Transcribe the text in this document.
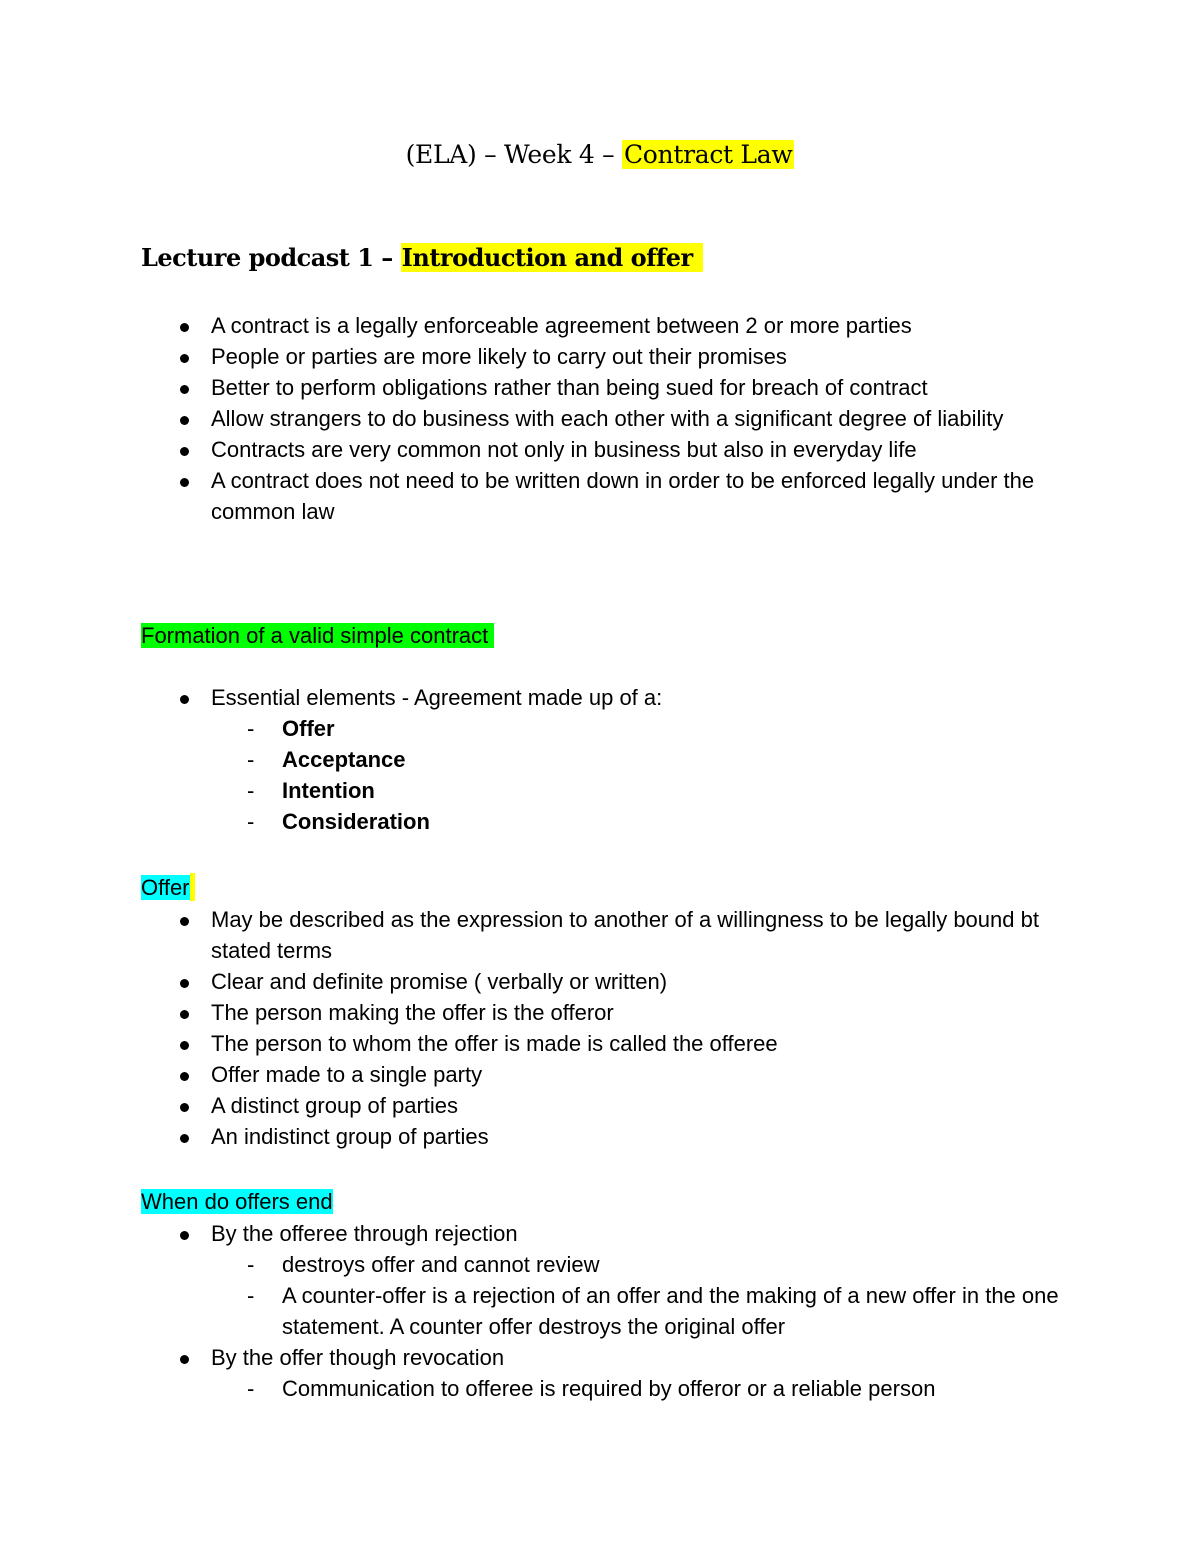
(ELA) – Week 4 – Contract Law
Lecture podcast 1 – Introduction and offer
A contract is a legally enforceable agreement between 2 or more parties
People or parties are more likely to carry out their promises
Better to perform obligations rather than being sued for breach of contract
Allow strangers to do business with each other with a significant degree of liability
Contracts are very common not only in business but also in everyday life
A contract does not need to be written down in order to be enforced legally under the common law
Formation of a valid simple contract
Essential elements - Agreement made up of a:
- Offer
- Acceptance
- Intention
- Consideration
Offer
May be described as the expression to another of a willingness to be legally bound bt stated terms
Clear and definite promise ( verbally or written)
The person making the offer is the offeror
The person to whom the offer is made is called the offeree
Offer made to a single party
A distinct group of parties
An indistinct group of parties
When do offers end
By the offeree through rejection
- destroys offer and cannot review
- A counter-offer is a rejection of an offer and the making of a new offer in the one statement. A counter offer destroys the original offer
By the offer though revocation
- Communication to offeree is required by offeror or a reliable person
